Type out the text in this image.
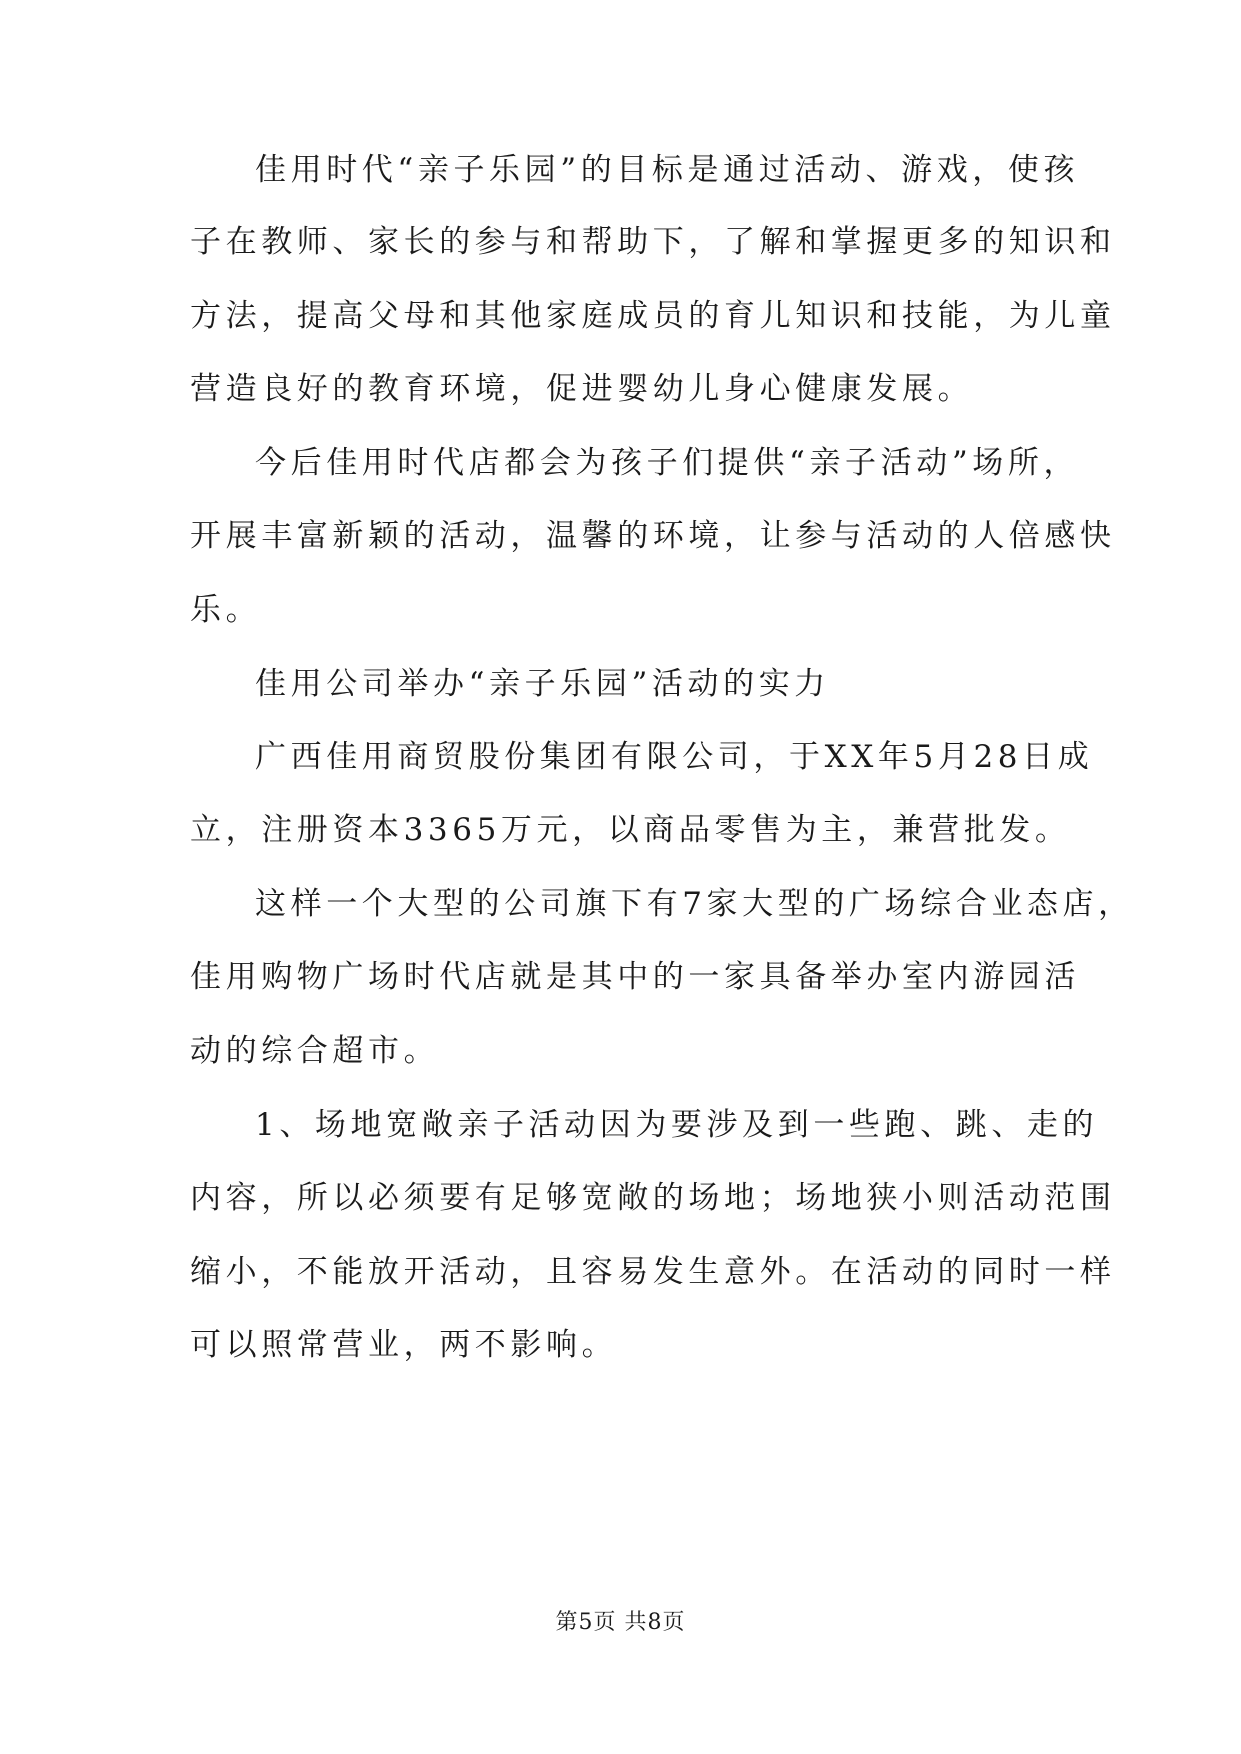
佳用时代“亲子乐园”的目标是通过活动、游戏，使孩
子在教师、家长的参与和帮助下，了解和掌握更多的知识和
方法，提高父母和其他家庭成员的育儿知识和技能，为儿童
营造良好的教育环境，促进婴幼儿身心健康发展。
今后佳用时代店都会为孩子们提供“亲子活动”场所，
开展丰富新颖的活动，温馨的环境，让参与活动的人倍感快
乐。
佳用公司举办“亲子乐园”活动的实力
广西佳用商贸股份集团有限公司，于XX年5月28日成
立，注册资本3365万元，以商品零售为主，兼营批发。
这样一个大型的公司旗下有7家大型的广场综合业态店，
佳用购物广场时代店就是其中的一家具备举办室内游园活
动的综合超市。
1、场地宽敞亲子活动因为要涉及到一些跑、跳、走的
内容，所以必须要有足够宽敞的场地；场地狭小则活动范围
缩小，不能放开活动，且容易发生意外。在活动的同时一样
可以照常营业，两不影响。
第5页 共8页
